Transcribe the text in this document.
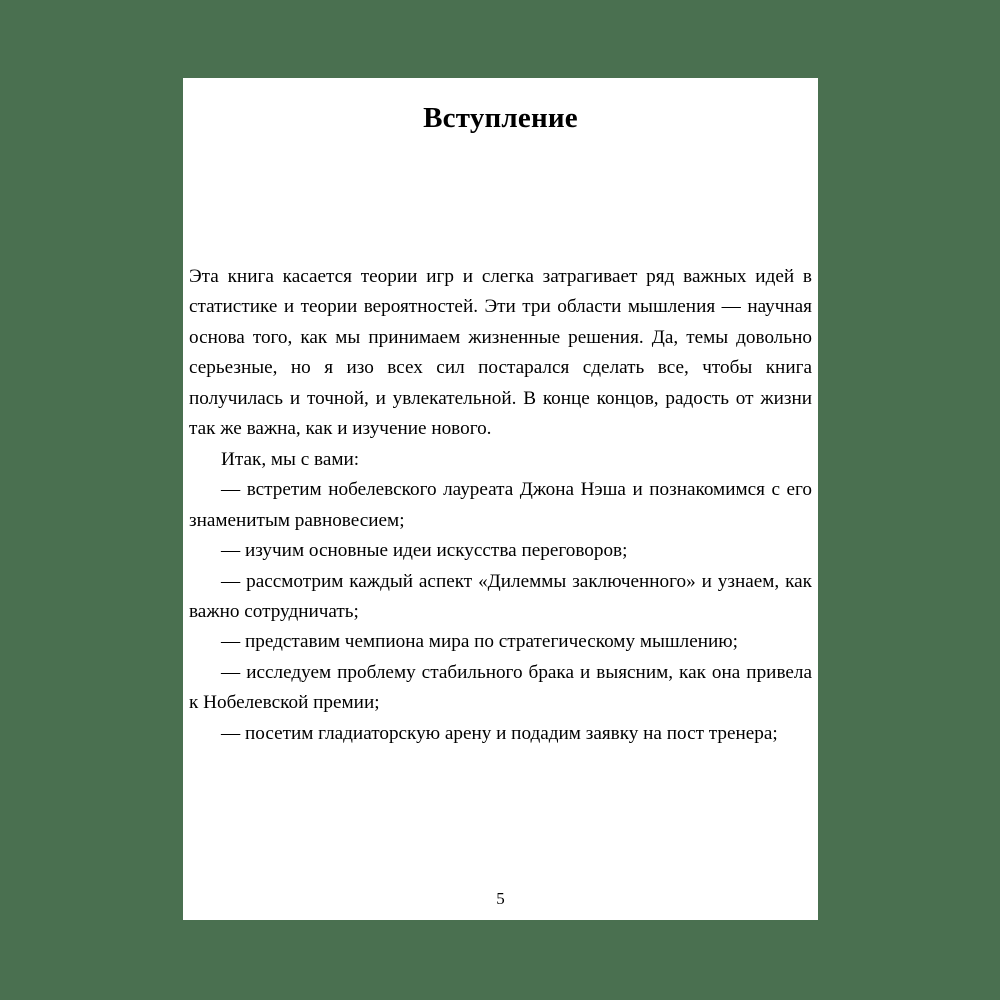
Вступление

Эта книга касается теории игр и слегка затрагивает ряд важных идей в статистике и теории вероятностей. Эти три области мышления — научная основа того, как мы принимаем жизненные решения. Да, темы довольно серьезные, но я изо всех сил постарался сделать все, чтобы книга получилась и точной, и увлекательной. В конце концов, радость от жизни так же важна, как и изучение нового.

Итак, мы с вами:

— встретим нобелевского лауреата Джона Нэша и познакомимся с его знаменитым равновесием;

— изучим основные идеи искусства переговоров;

— рассмотрим каждый аспект «Дилеммы заключенного» и узнаем, как важно сотрудничать;

— представим чемпиона мира по стратегическому мышлению;

— исследуем проблему стабильного брака и выясним, как она привела к Нобелевской премии;

— посетим гладиаторскую арену и подадим заявку на пост тренера;

5
